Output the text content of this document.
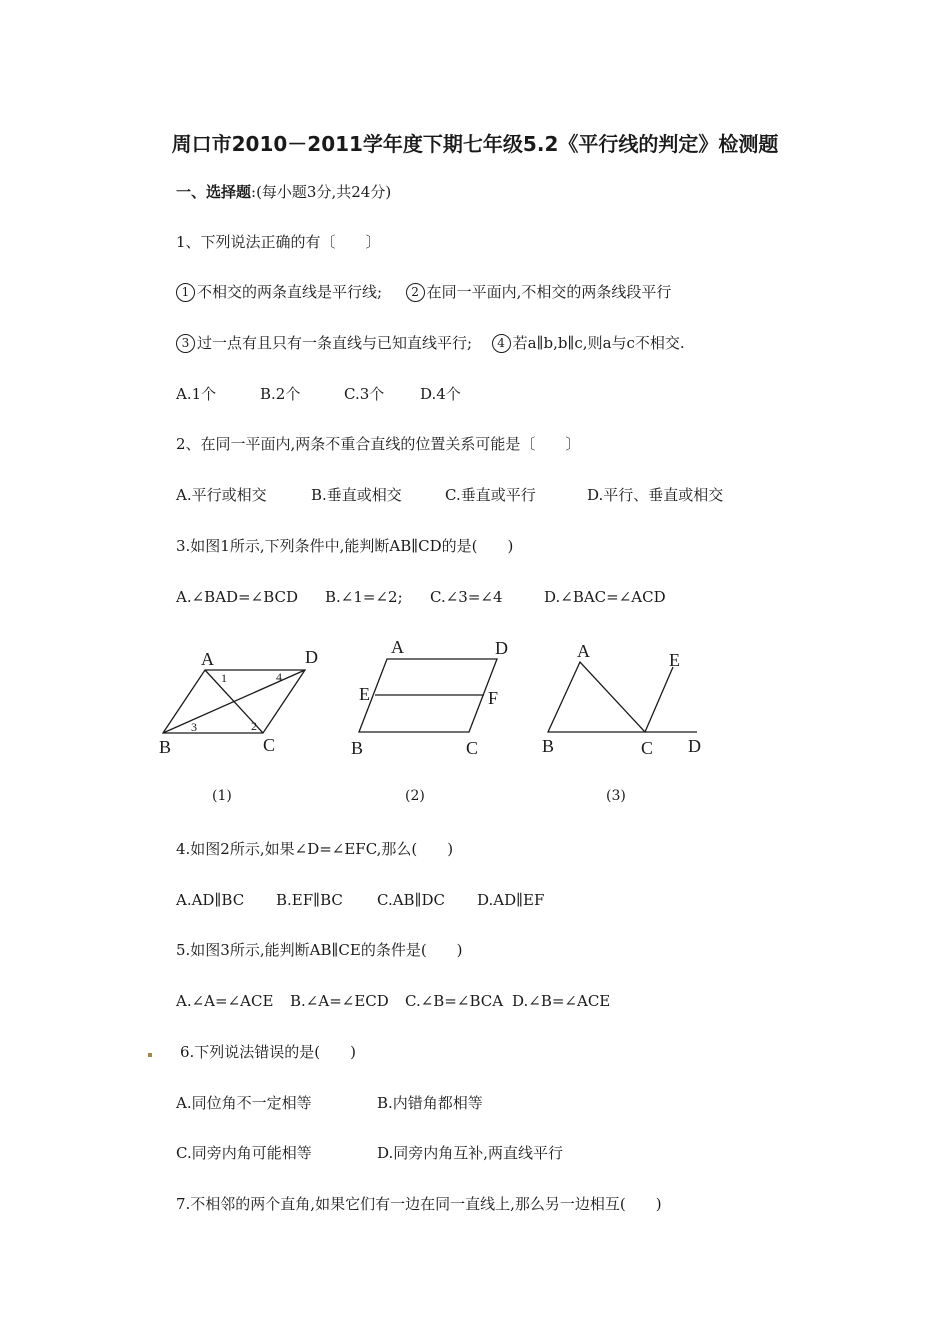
周口市2010－2011学年度下期七年级5.2《平行线的判定》检测题
一、选择题:(每小题3分,共24分)
1、下列说法正确的有〔　　〕
1 不相交的两条直线是平行线; 2 在同一平面内,不相交的两条线段平行
3 过一点有且只有一条直线与已知直线平行; 4 若a∥b,b∥c,则a与c不相交.
A.1个	B.2个	C.3个 D.4个
2、在同一平面内,两条不重合直线的位置关系可能是〔　　〕
A.平行或相交	B.垂直或相交	C.垂直或平行	D.平行、垂直或相交
3.如图1所示,下列条件中,能判断AB∥CD的是(　　)
A.∠BAD=∠BCD B.∠1=∠2; C.∠3=∠4	D.∠BAC=∠ACD
A	D
B	C
1	4
3	2
A	D
E	F
B	C
A	E
B	C D
(1)	(2)	(3)
4.如图2所示,如果∠D=∠EFC,那么(　　)
A.AD∥BC B.EF∥BC C.AB∥DC D.AD∥EF
5.如图3所示,能判断AB∥CE的条件是(　　)
A.∠A=∠ACE B.∠A=∠ECD C.∠B=∠BCA D.∠B=∠ACE
6.下列说法错误的是(　　)
A.同位角不一定相等	B.内错角都相等
C.同旁内角可能相等	D.同旁内角互补,两直线平行
7.不相邻的两个直角,如果它们有一边在同一直线上,那么另一边相互(　　)
